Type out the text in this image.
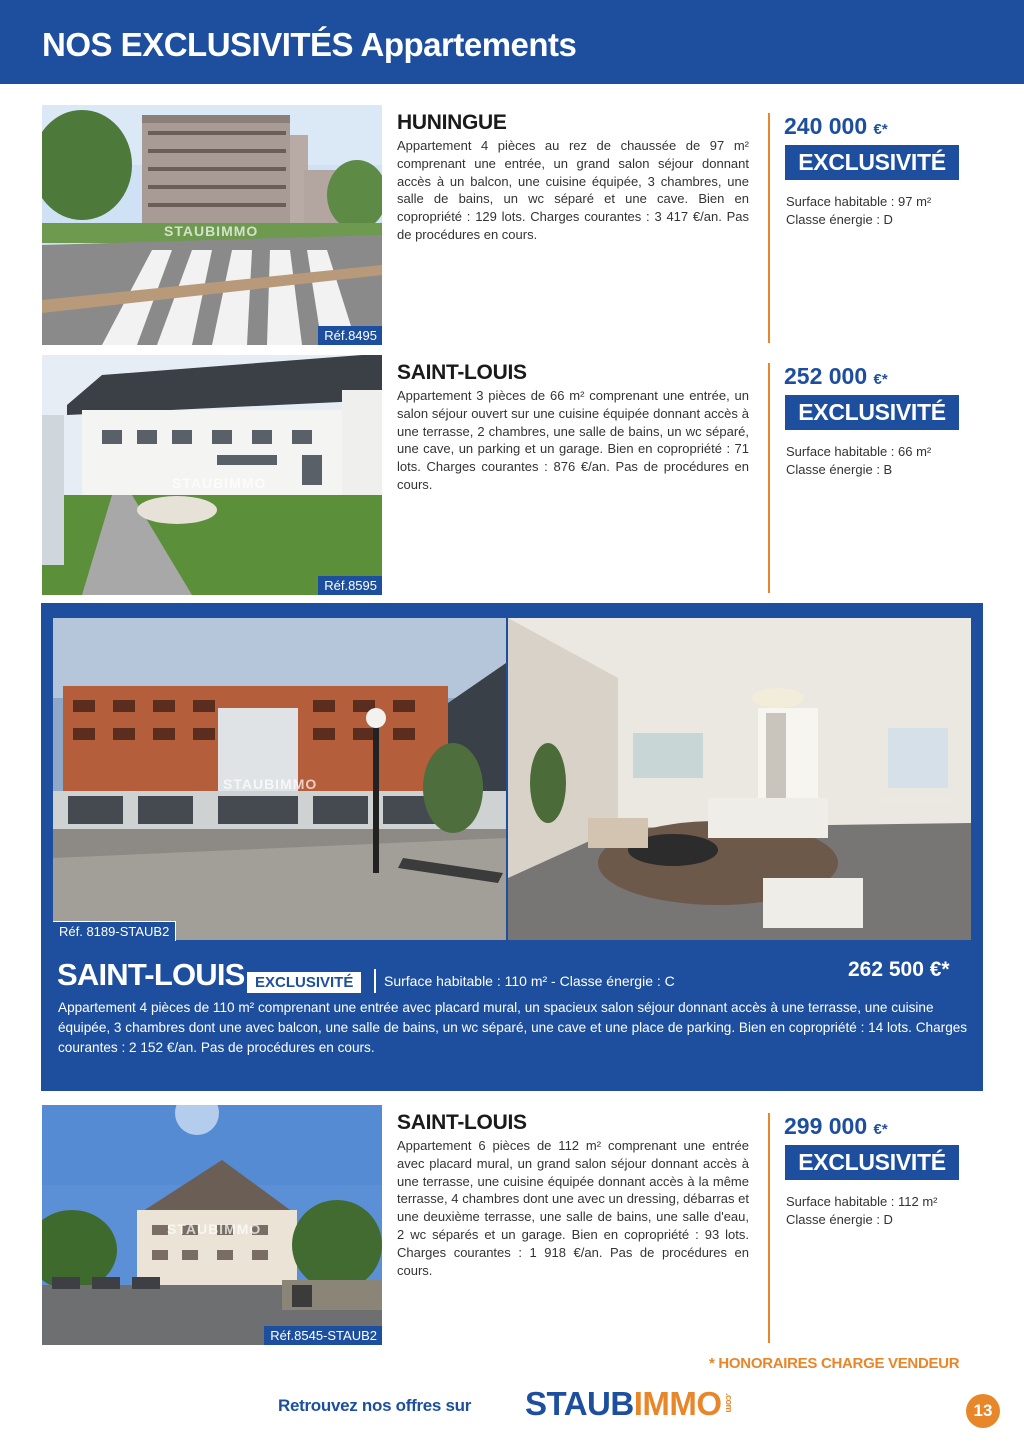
NOS EXCLUSIVITÉS Appartements
STAUBIMMO
Réf.8495
HUNINGUE
Appartement 4 pièces au rez de chaussée de 97 m² comprenant une entrée, un grand salon séjour donnant accès à un balcon, une cuisine équipée, 3 chambres, une salle de bains, un wc séparé et une cave. Bien en copropriété : 129 lots. Charges courantes : 3 417 €/an. Pas de procédures en cours.
240 000 €*
EXCLUSIVITÉ
Surface habitable : 97 m²
Classe énergie : D
STAUBIMMO
Réf.8595
SAINT-LOUIS
Appartement 3 pièces de 66 m² comprenant une entrée, un salon séjour ouvert sur une cuisine équipée donnant accès à une terrasse, 2 chambres, une salle de bains, un wc séparé, une cave, un parking et un garage. Bien en copropriété : 71 lots. Charges courantes : 876 €/an. Pas de procédures en cours.
252 000 €*
EXCLUSIVITÉ
Surface habitable : 66 m²
Classe énergie : B
STAUBIMMO
Réf. 8189-STAUB2
SAINT-LOUIS EXCLUSIVITÉ	Surface habitable : 110 m² - Classe énergie : C	262 500 €*
Appartement 4 pièces de 110 m² comprenant une entrée avec placard mural, un spacieux salon séjour donnant accès à une terrasse, une cuisine équipée, 3 chambres dont une avec balcon, une salle de bains, un wc séparé, une cave et une place de parking. Bien en copropriété : 14 lots. Charges courantes : 2 152 €/an. Pas de procédures en cours.
STAUBIMMO
Réf.8545-STAUB2
SAINT-LOUIS
Appartement 6 pièces de 112 m² comprenant une entrée avec placard mural, un grand salon séjour donnant accès à une terrasse, une cuisine équipée donnant accès à la même terrasse, 4 chambres dont une avec un dressing, débarras et une deuxième terrasse, une salle de bains, une salle d'eau, 2 wc séparés et un garage. Bien en copropriété : 93 lots. Charges courantes : 1 918 €/an. Pas de procédures en cours.
299 000 €*
EXCLUSIVITÉ
Surface habitable : 112 m²
Classe énergie : D
* HONORAIRES CHARGE VENDEUR
Retrouvez nos offres sur STAUBIMMO .com	13
